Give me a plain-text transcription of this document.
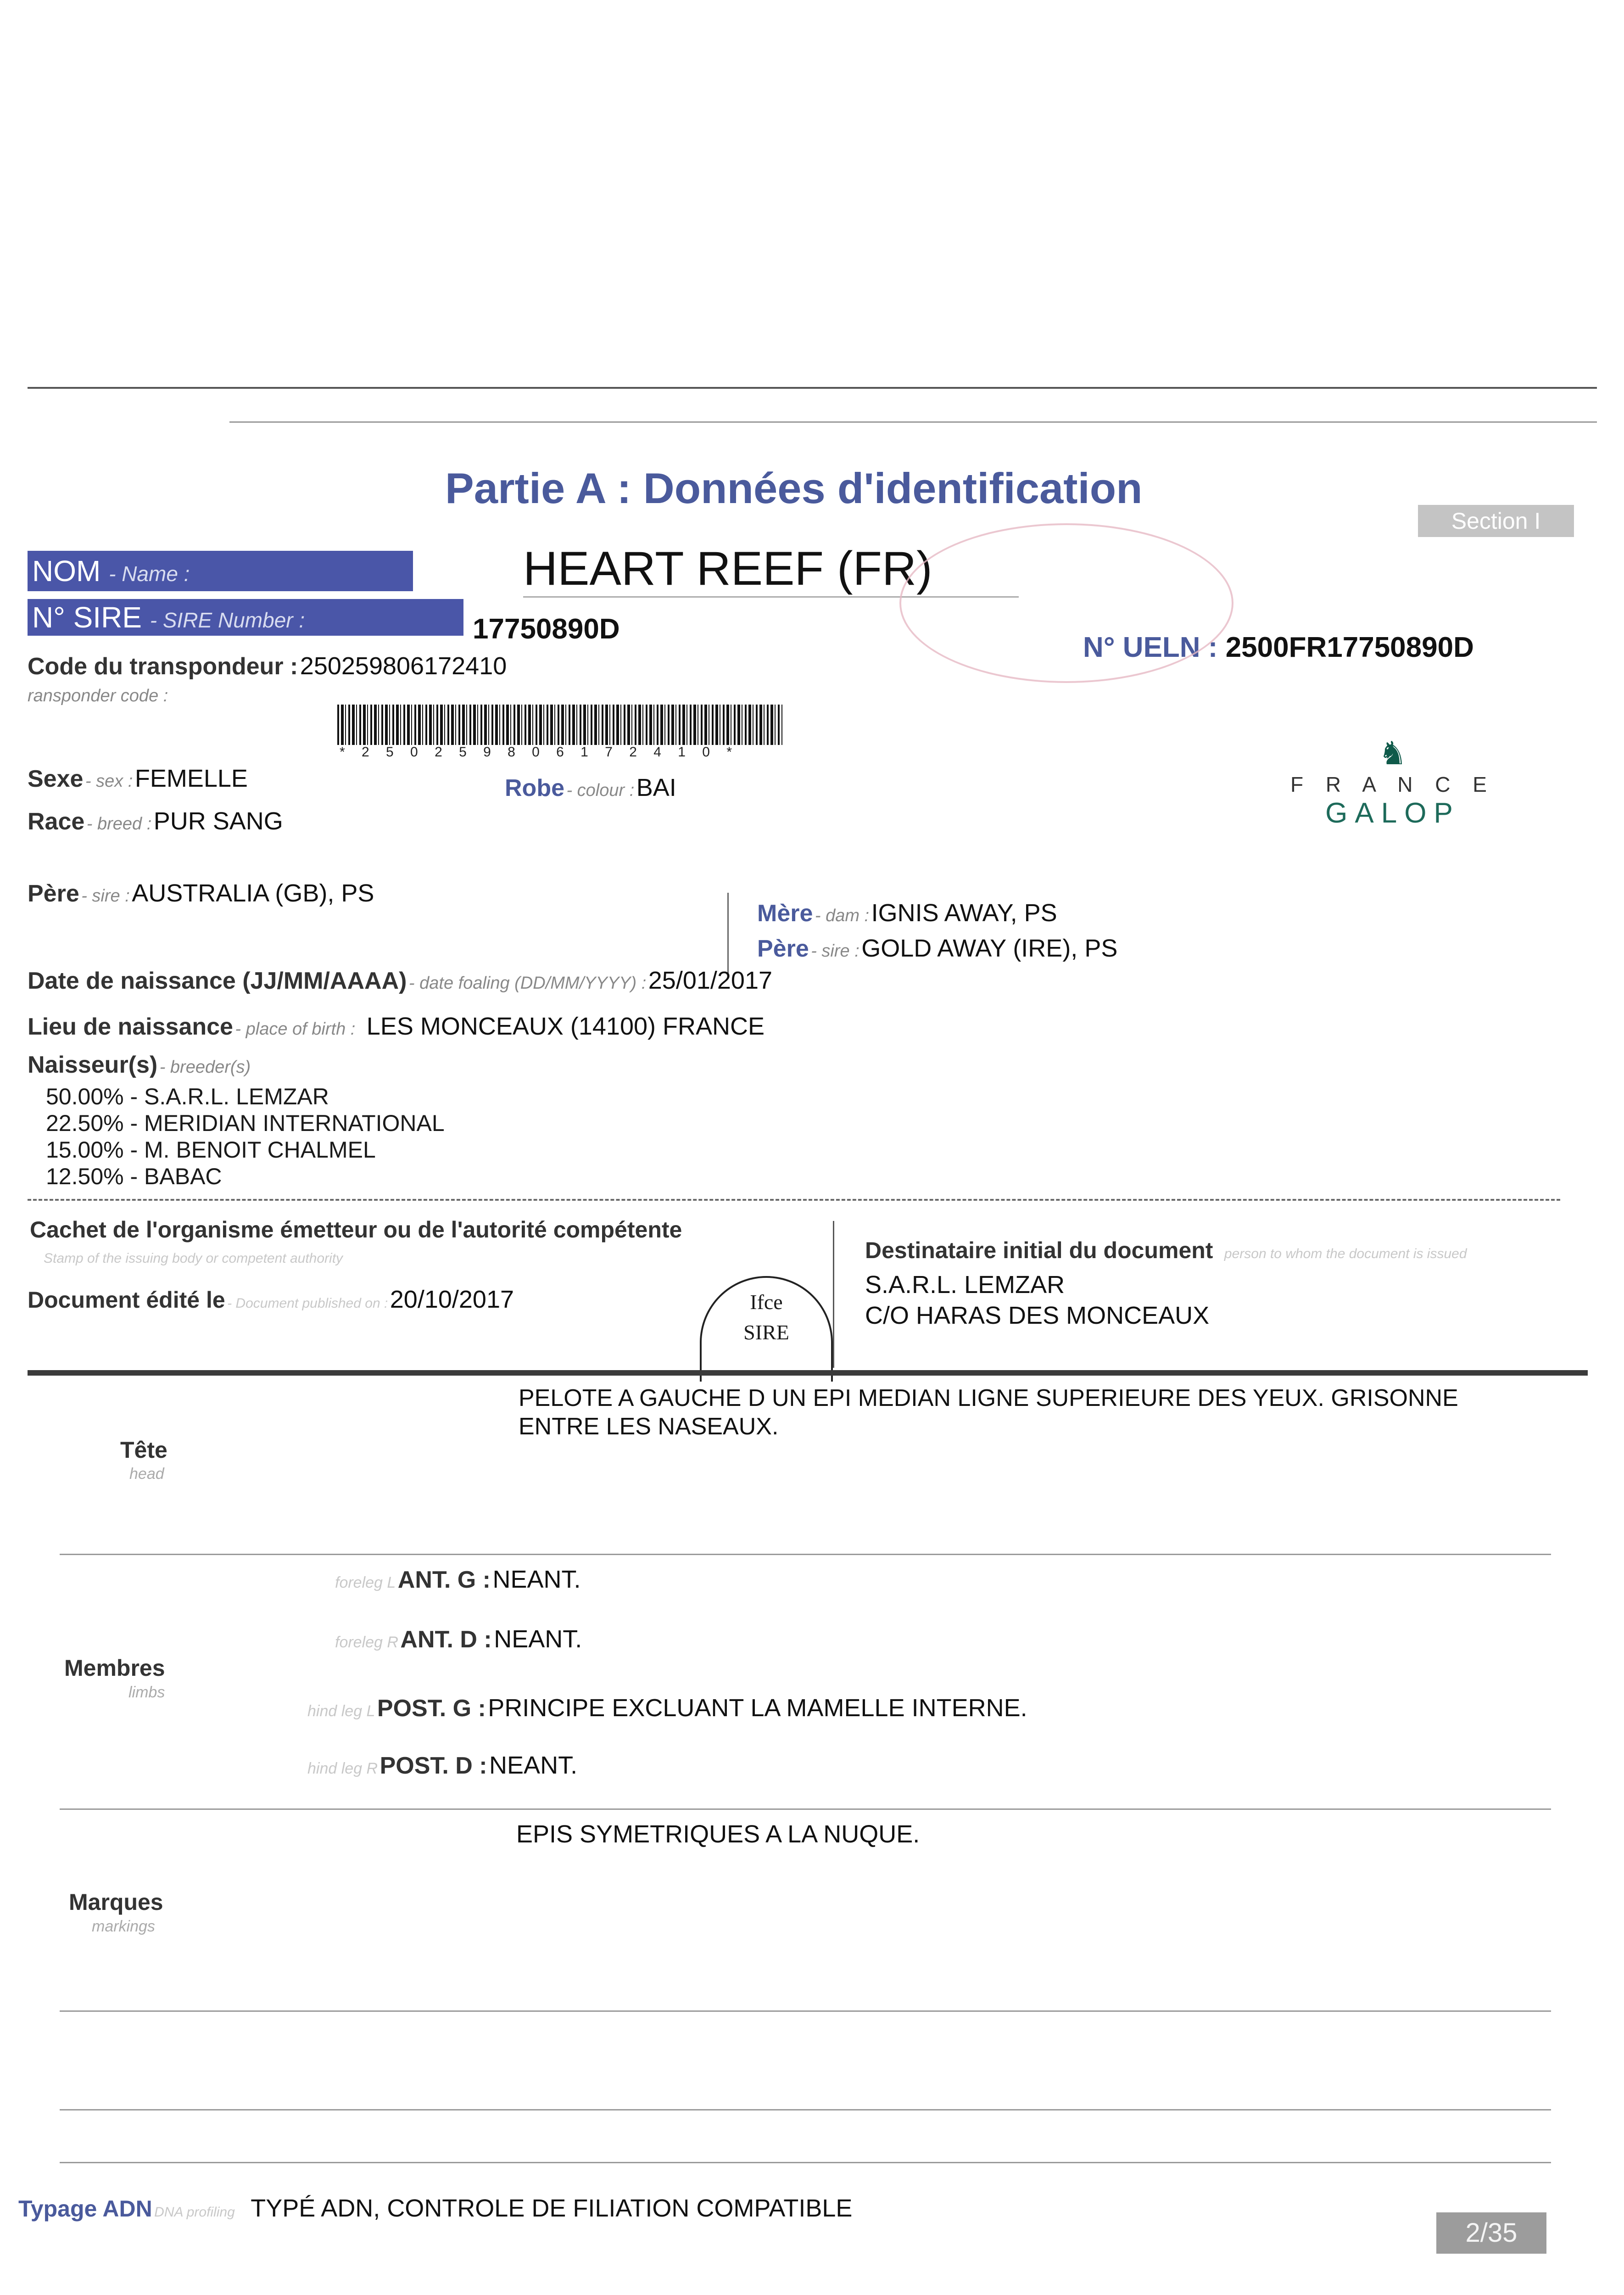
Partie A : Données d'identification
Section I
NOM - Name :	HEART REEF (FR)
N° SIRE - SIRE Number :	17750890D
N° UELN : 2500FR17750890D
Code du transpondeur : 250259806172410
ransponder code :
* 2 5 0 2 5 9 8 0 6 1 7 2 4 1 0 *	♞
F R A N C E
GALOP
Sexe - sex : FEMELLE	Robe - colour : BAI
Race - breed : PUR SANG
Père - sire : AUSTRALIA (GB), PS
Mère - dam : IGNIS AWAY, PS
Père - sire : GOLD AWAY (IRE), PS
Date de naissance (JJ/MM/AAAA) - date foaling (DD/MM/YYYY) : 25/01/2017
Lieu de naissance - place of birth : LES MONCEAUX (14100) FRANCE
Naisseur(s) - breeder(s)
50.00% - S.A.R.L. LEMZAR
22.50% - MERIDIAN INTERNATIONAL
15.00% - M. BENOIT CHALMEL
12.50% - BABAC
Cachet de l'organisme émetteur ou de l'autorité compétente
Stamp of the issuing body or competent authority
Document édité le - Document published on : 20/10/2017	Ifce
SIRE
Destinataire initial du document person to whom the document is issued
S.A.R.L. LEMZAR
C/O HARAS DES MONCEAUX
PELOTE A GAUCHE D UN EPI MEDIAN LIGNE SUPERIEURE DES YEUX. GRISONNE
ENTRE LES NASEAUX.
Tête
head
Membres
limbs
foreleg L ANT. G : NEANT.
foreleg R ANT. D : NEANT.
hind leg L POST. G : PRINCIPE EXCLUANT LA MAMELLE INTERNE.
hind leg R POST. D : NEANT.
EPIS SYMETRIQUES A LA NUQUE.
Marques
markings
Typage ADN DNA profiling TYPÉ ADN, CONTROLE DE FILIATION COMPATIBLE
2/35
